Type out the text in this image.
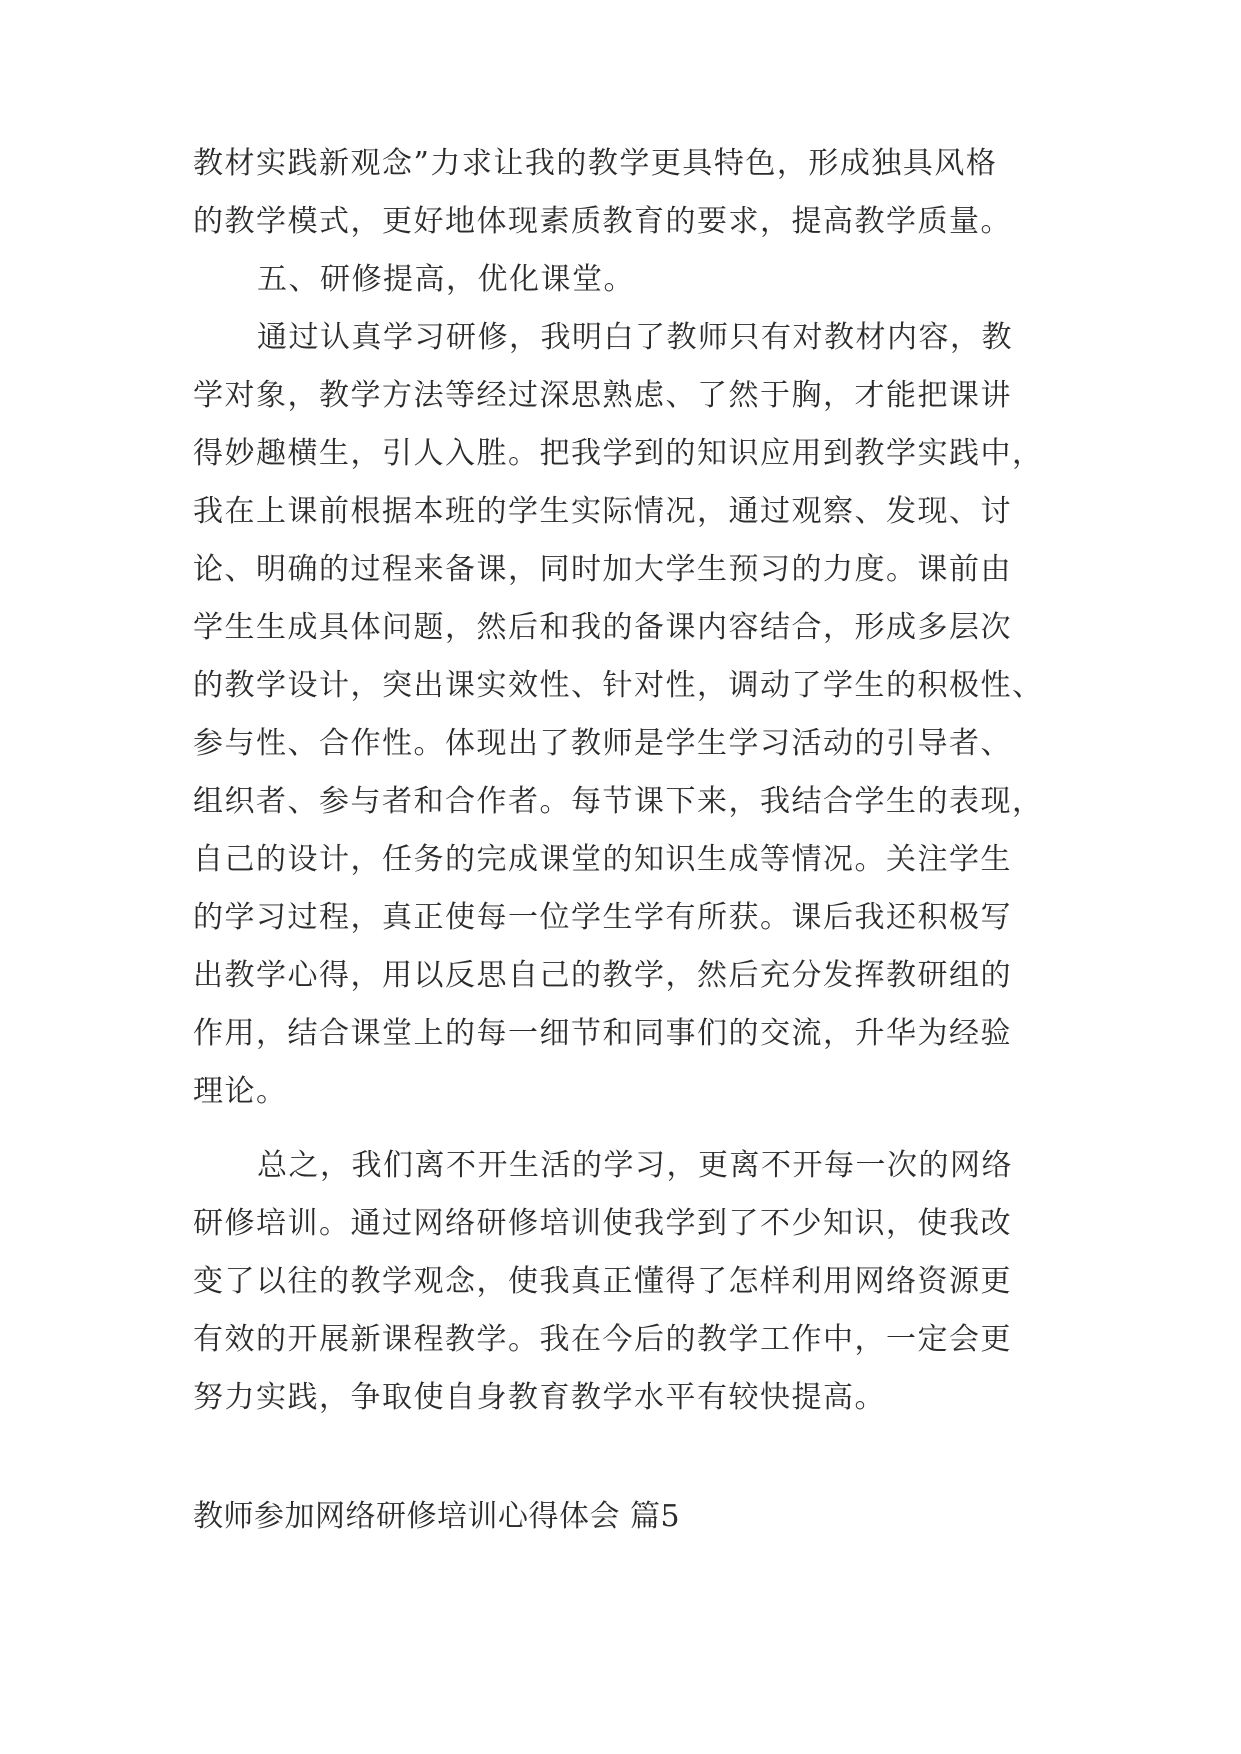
教材实践新观念”力求让我的教学更具特色，形成独具风格
的教学模式，更好地体现素质教育的要求，提高教学质量。
五、研修提高，优化课堂。
通过认真学习研修，我明白了教师只有对教材内容，教
学对象，教学方法等经过深思熟虑、了然于胸，才能把课讲
得妙趣横生，引人入胜。把我学到的知识应用到教学实践中，
我在上课前根据本班的学生实际情况，通过观察、发现、讨
论、明确的过程来备课，同时加大学生预习的力度。课前由
学生生成具体问题，然后和我的备课内容结合，形成多层次
的教学设计，突出课实效性、针对性，调动了学生的积极性、
参与性、合作性。体现出了教师是学生学习活动的引导者、
组织者、参与者和合作者。每节课下来，我结合学生的表现，
自己的设计，任务的完成课堂的知识生成等情况。关注学生
的学习过程，真正使每一位学生学有所获。课后我还积极写
出教学心得，用以反思自己的教学，然后充分发挥教研组的
作用，结合课堂上的每一细节和同事们的交流，升华为经验
理论。
总之，我们离不开生活的学习，更离不开每一次的网络
研修培训。通过网络研修培训使我学到了不少知识，使我改
变了以往的教学观念，使我真正懂得了怎样利用网络资源更
有效的开展新课程教学。我在今后的教学工作中，一定会更
努力实践，争取使自身教育教学水平有较快提高。
教师参加网络研修培训心得体会 篇5
